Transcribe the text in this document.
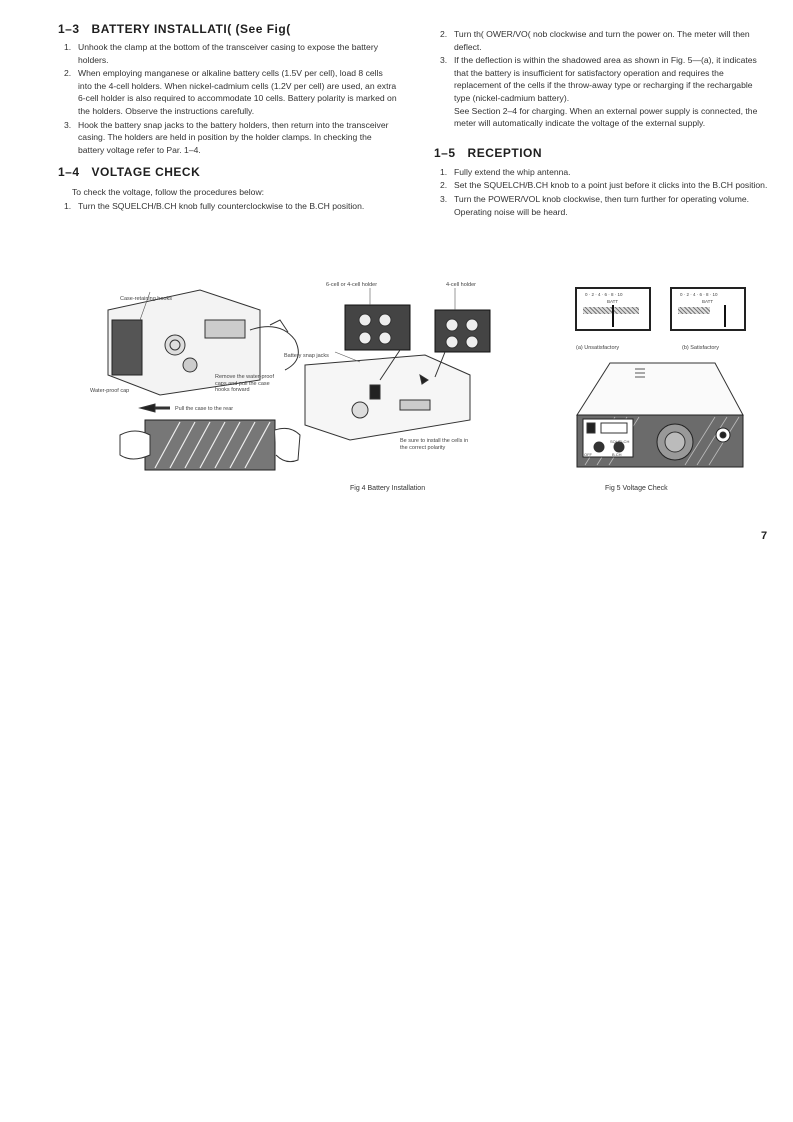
1–3 BATTERY INSTALLATI( (See Fig(
1. Unhook the clamp at the bottom of the transceiver casing to expose the battery holders.
2. When employing manganese or alkaline battery cells (1.5V per cell), load 8 cells into the 4-cell holders. When nickel-cadmium cells (1.2V per cell) are used, an extra 6-cell holder is also required to accommodate 10 cells. Battery polarity is marked on the holders. Observe the instructions carefully.
3. Hook the battery snap jacks to the battery holders, then return into the transceiver casing. The holders are held in position by the holder clamps. In checking the battery voltage refer to Par. 1–4.
1–4 VOLTAGE CHECK

To check the voltage, follow the procedures below:

1. Turn the SQUELCH/B.CH knob fully counterclockwise to the B.CH position.
2. Turn th( OWER/VO( nob clockwise and turn the power on. The meter will then deflect.
3. If the deflection is within the shadowed area as shown in Fig. 5—(a), it indicates that the battery is insufficient for satisfactory operation and requires the replacement of the cells if the throw-away type or recharging if the rechargable type (nickel-cadmium battery).
See Section 2–4 for charging. When an external power supply is connected, the meter will automatically indicate the voltage of the external supply.
1–5 RECEPTION
1. Fully extend the whip antenna.
2. Set the SQUELCH/B.CH knob to a point just before it clicks into the B.CH position.
3. Turn the POWER/VOL knob clockwise, then turn further for operating volume. Operating noise will be heard.
Case-retaining hooks
6-cell or 4-cell holder	4-cell holder
Battery snap jacks
Remove the water-proof
caps and pull the case
hooks forward
Water-proof cap
Pull the case to the rear
Be sure to install the cells in
the correct polarity
Fig 4 Battery Installation
0 · 2 · 4 · 6 · 8 · 10
BATT
0 · 2 · 4 · 6 · 8 · 10
BATT
(a) Unsatisfactory	(b) Satisfactory
OFF
SQUELCH
B.CH
Fig 5 Voltage Check
7
